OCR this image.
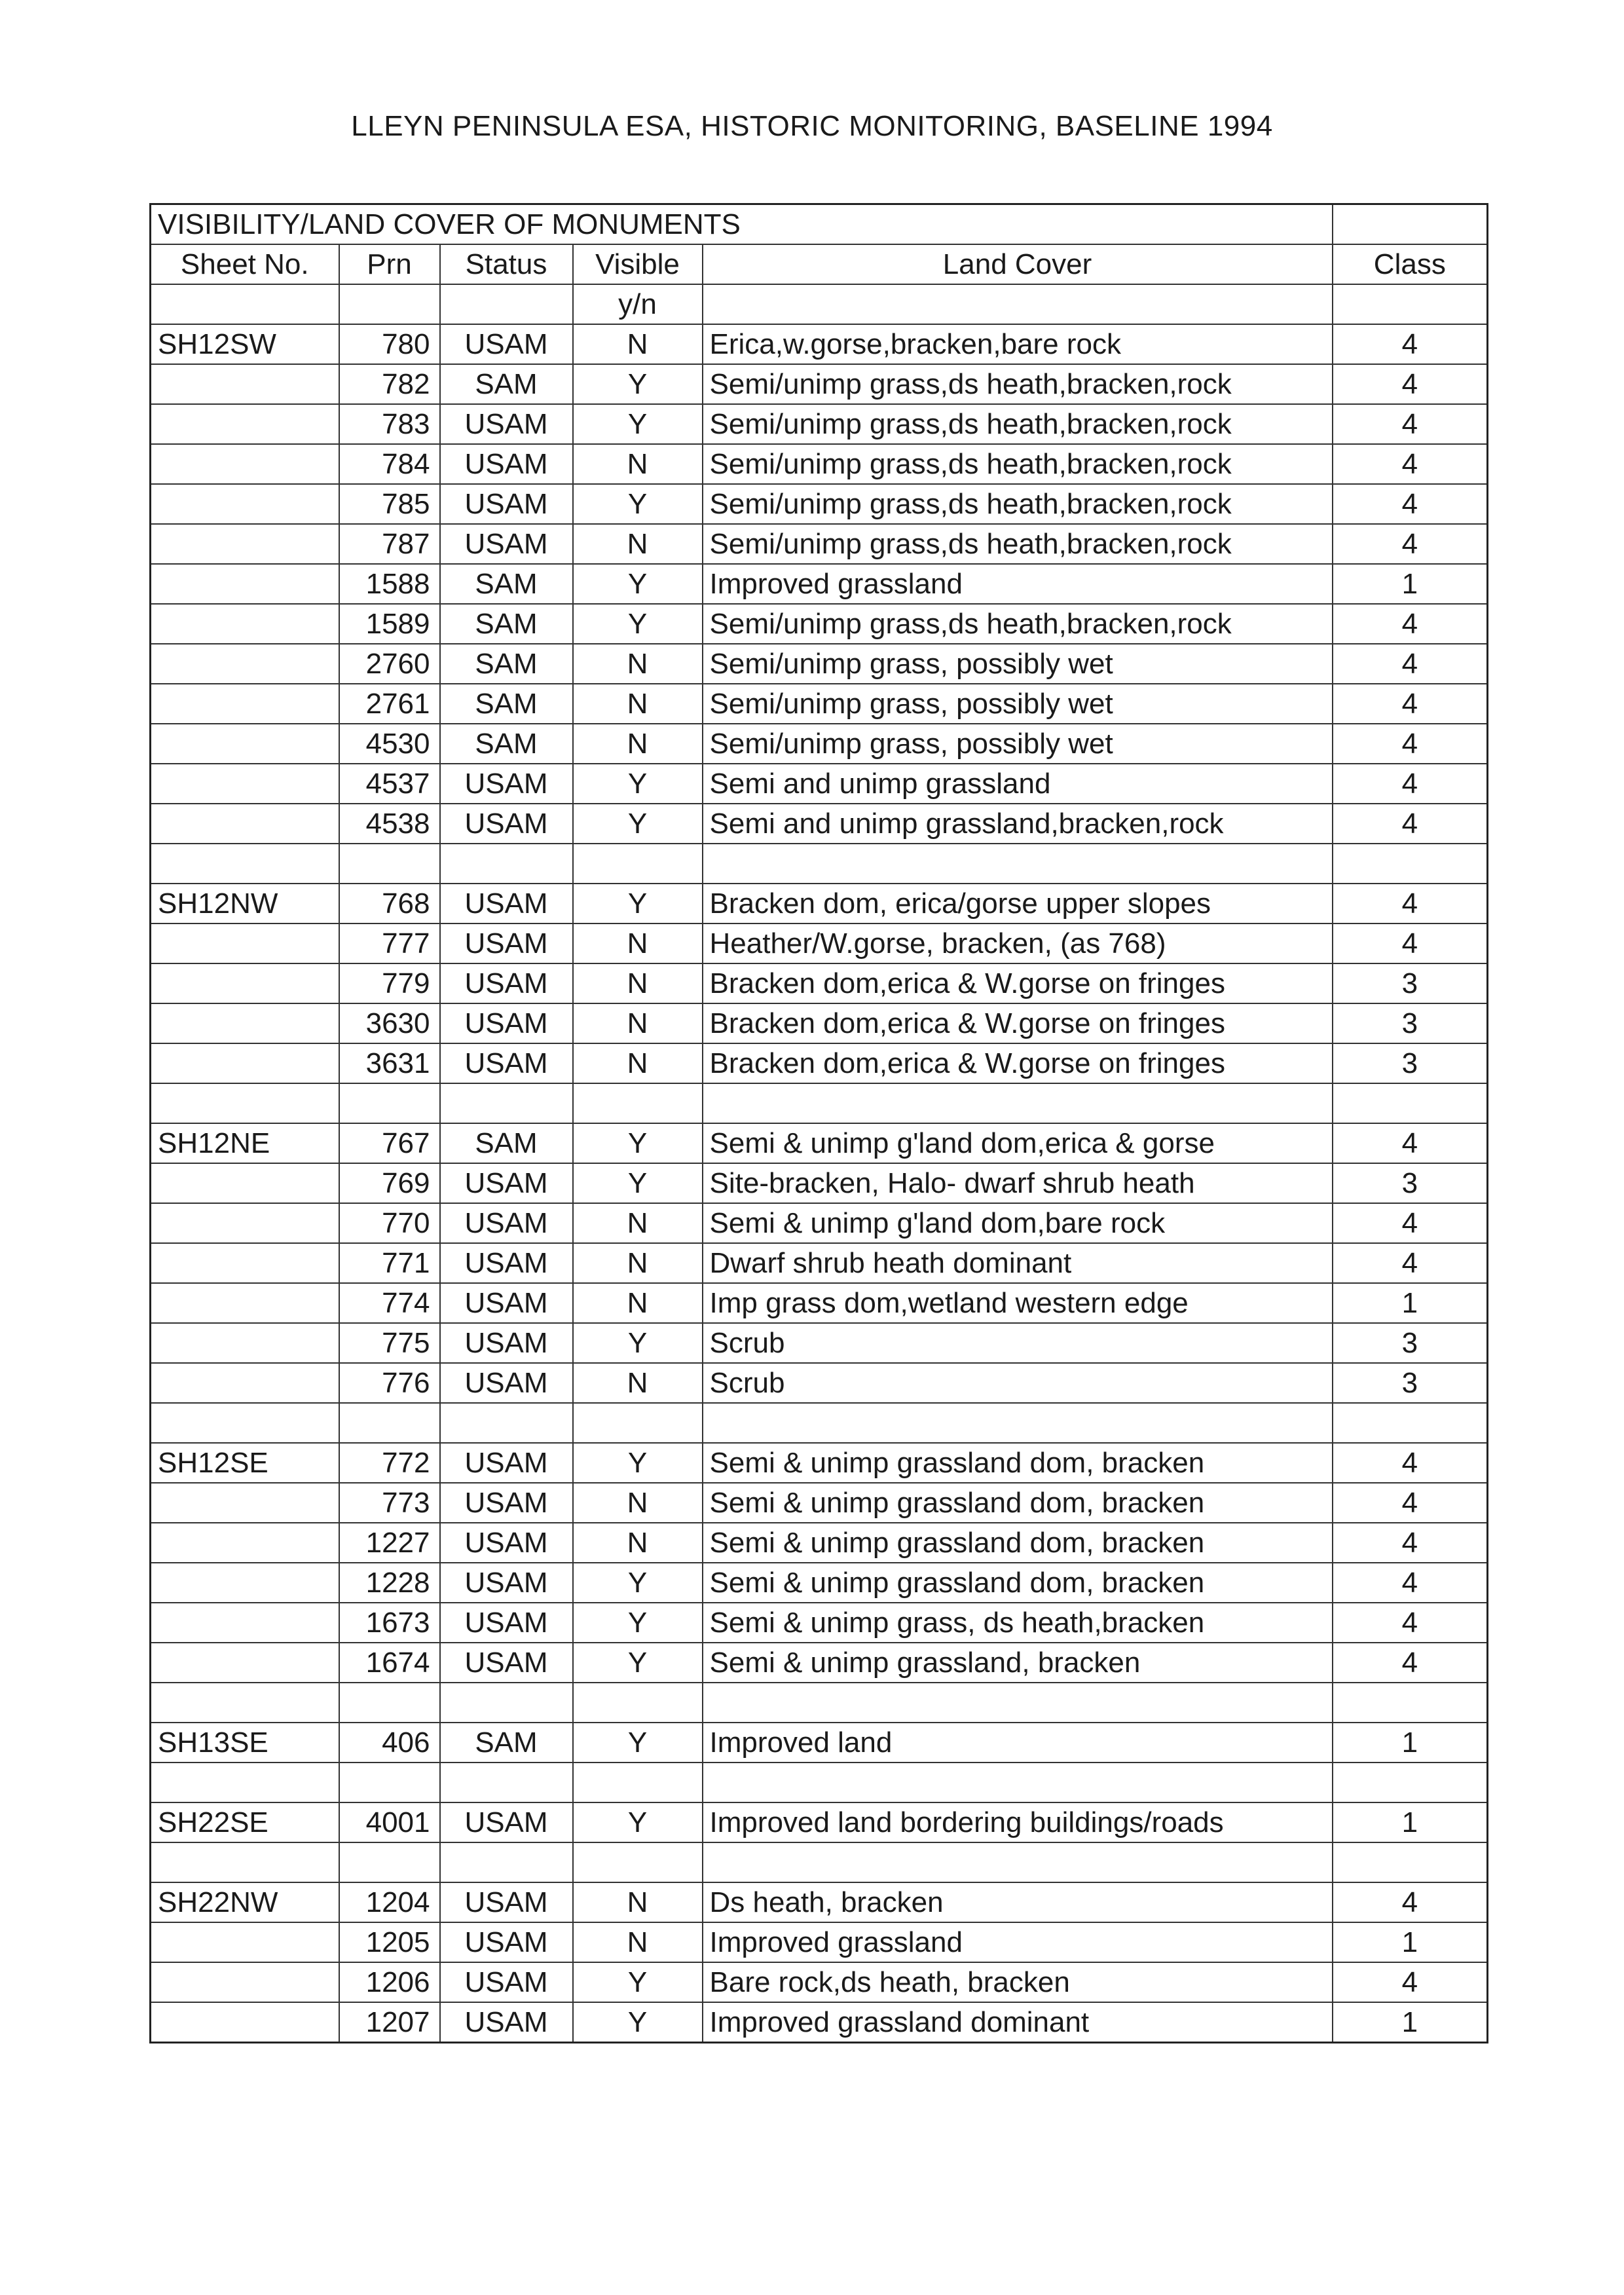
LLEYN PENINSULA ESA, HISTORIC MONITORING, BASELINE 1994
VISIBILITY/LAND COVER OF MONUMENTS					
Sheet No.	Prn	Status	Visible	Land Cover	Class
			y/n		
SH12SW	780	USAM	N	Erica,w.gorse,bracken,bare rock	4
	782	SAM	Y	Semi/unimp grass,ds heath,bracken,rock	4
	783	USAM	Y	Semi/unimp grass,ds heath,bracken,rock	4
	784	USAM	N	Semi/unimp grass,ds heath,bracken,rock	4
	785	USAM	Y	Semi/unimp grass,ds heath,bracken,rock	4
	787	USAM	N	Semi/unimp grass,ds heath,bracken,rock	4
	1588	SAM	Y	Improved grassland	1
	1589	SAM	Y	Semi/unimp grass,ds heath,bracken,rock	4
	2760	SAM	N	Semi/unimp grass, possibly wet	4
	2761	SAM	N	Semi/unimp grass, possibly wet	4
	4530	SAM	N	Semi/unimp grass, possibly wet	4
	4537	USAM	Y	Semi and unimp grassland	4
	4538	USAM	Y	Semi and unimp grassland,bracken,rock	4

SH12NW	768	USAM	Y	Bracken dom, erica/gorse upper slopes	4
	777	USAM	N	Heather/W.gorse, bracken, (as 768)	4
	779	USAM	N	Bracken dom,erica & W.gorse on fringes	3
	3630	USAM	N	Bracken dom,erica & W.gorse on fringes	3
	3631	USAM	N	Bracken dom,erica & W.gorse on fringes	3

SH12NE	767	SAM	Y	Semi & unimp g'land dom,erica & gorse	4
	769	USAM	Y	Site-bracken, Halo- dwarf shrub heath	3
	770	USAM	N	Semi & unimp g'land dom,bare rock	4
	771	USAM	N	Dwarf shrub heath dominant	4
	774	USAM	N	Imp grass dom,wetland western edge	1
	775	USAM	Y	Scrub	3
	776	USAM	N	Scrub	3

SH12SE	772	USAM	Y	Semi & unimp grassland dom, bracken	4
	773	USAM	N	Semi & unimp grassland dom, bracken	4
	1227	USAM	N	Semi & unimp grassland dom, bracken	4
	1228	USAM	Y	Semi & unimp grassland dom, bracken	4
	1673	USAM	Y	Semi & unimp grass, ds heath,bracken	4
	1674	USAM	Y	Semi & unimp grassland, bracken	4

SH13SE	406	SAM	Y	Improved land	1

SH22SE	4001	USAM	Y	Improved land bordering buildings/roads	1

SH22NW	1204	USAM	N	Ds heath, bracken	4
	1205	USAM	N	Improved grassland	1
	1206	USAM	Y	Bare rock,ds heath, bracken	4
	1207	USAM	Y	Improved grassland dominant	1
